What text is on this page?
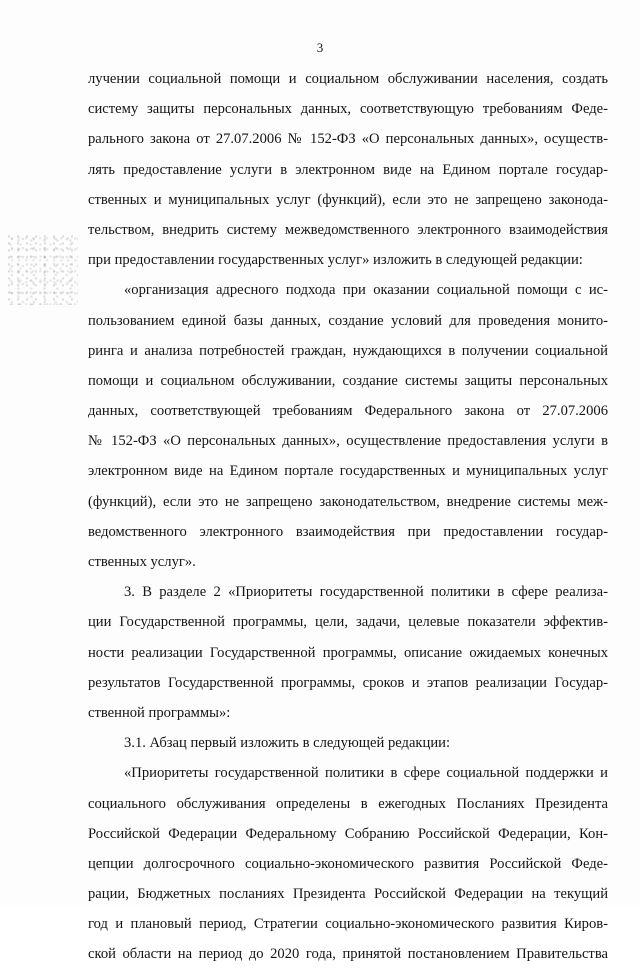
3
лучении социальной помощи и социальном обслуживании населения, создать
систему защиты персональных данных, соответствующую требованиям Феде-
рального закона от 27.07.2006 № 152-ФЗ «О персональных данных», осуществ-
лять предоставление услуги в электронном виде на Едином портале государ-
ственных и муниципальных услуг (функций), если это не запрещено законода-
тельством, внедрить систему межведомственного электронного взаимодействия
при предоставлении государственных услуг» изложить в следующей редакции:
«организация адресного подхода при оказании социальной помощи с ис-
пользованием единой базы данных, создание условий для проведения монито-
ринга и анализа потребностей граждан, нуждающихся в получении социальной
помощи и социальном обслуживании, создание системы защиты персональных
данных, соответствующей требованиям Федерального закона от 27.07.2006
№ 152-ФЗ «О персональных данных», осуществление предоставления услуги в
электронном виде на Едином портале государственных и муниципальных услуг
(функций), если это не запрещено законодательством, внедрение системы меж-
ведомственного электронного взаимодействия при предоставлении государ-
ственных услуг».
3. В разделе 2 «Приоритеты государственной политики в сфере реализа-
ции Государственной программы, цели, задачи, целевые показатели эффектив-
ности реализации Государственной программы, описание ожидаемых конечных
результатов Государственной программы, сроков и этапов реализации Государ-
ственной программы»:
3.1. Абзац первый изложить в следующей редакции:
«Приоритеты государственной политики в сфере социальной поддержки и
социального обслуживания определены в ежегодных Посланиях Президента
Российской Федерации Федеральному Собранию Российской Федерации, Кон-
цепции долгосрочного социально-экономического развития Российской Феде-
рации, Бюджетных посланиях Президента Российской Федерации на текущий
год и плановый период, Стратегии социально-экономического развития Киров-
ской области на период до 2020 года, принятой постановлением Правительства
